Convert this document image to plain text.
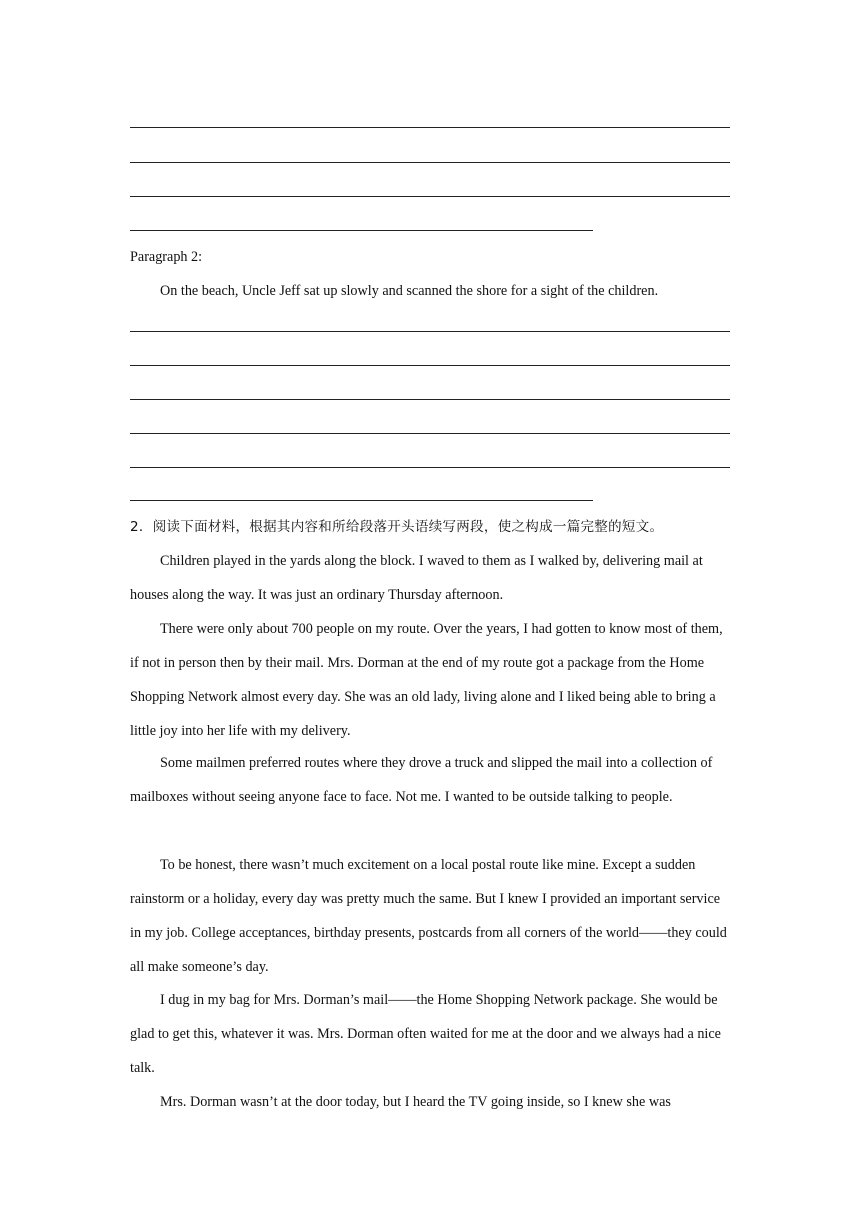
Paragraph 2:
On the beach, Uncle Jeff sat up slowly and scanned the shore for a sight of the children.
2．阅读下面材料，根据其内容和所给段落开头语续写两段，使之构成一篇完整的短文。
Children played in the yards along the block. I waved to them as I walked by, delivering mail at houses along the way. It was just an ordinary Thursday afternoon.
There were only about 700 people on my route. Over the years, I had gotten to know most of them, if not in person then by their mail. Mrs. Dorman at the end of my route got a package from the Home Shopping Network almost every day. She was an old lady, living alone and I liked being able to bring a little joy into her life with my delivery.
Some mailmen preferred routes where they drove a truck and slipped the mail into a collection of mailboxes without seeing anyone face to face. Not me. I wanted to be outside talking to people.
To be honest, there wasn’t much excitement on a local postal route like mine. Except a sudden rainstorm or a holiday, every day was pretty much the same. But I knew I provided an important service in my job. College acceptances, birthday presents, postcards from all corners of the world——they could all make someone’s day.
I dug in my bag for Mrs. Dorman’s mail——the Home Shopping Network package. She would be glad to get this, whatever it was. Mrs. Dorman often waited for me at the door and we always had a nice talk.
Mrs. Dorman wasn’t at the door today, but I heard the TV going inside, so I knew she was
